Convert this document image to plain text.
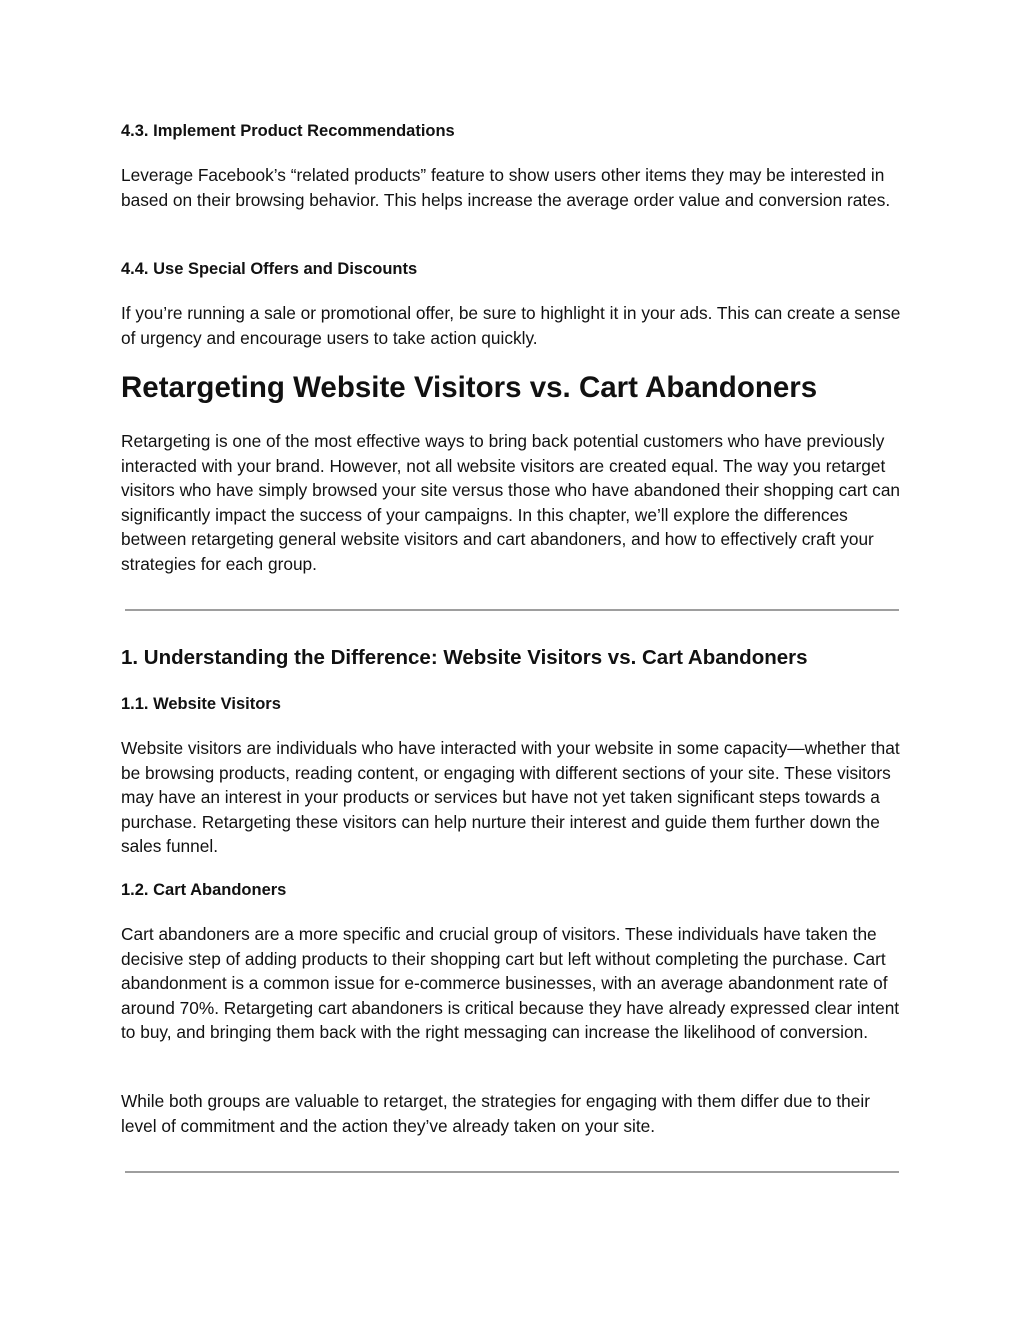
4.3. Implement Product Recommendations

Leverage Facebook’s “related products” feature to show users other items they may be interested in based on their browsing behavior. This helps increase the average order value and conversion rates.

4.4. Use Special Offers and Discounts

If you’re running a sale or promotional offer, be sure to highlight it in your ads. This can create a sense of urgency and encourage users to take action quickly.

Retargeting Website Visitors vs. Cart Abandoners

Retargeting is one of the most effective ways to bring back potential customers who have previously interacted with your brand. However, not all website visitors are created equal. The way you retarget visitors who have simply browsed your site versus those who have abandoned their shopping cart can significantly impact the success of your campaigns. In this chapter, we’ll explore the differences between retargeting general website visitors and cart abandoners, and how to effectively craft your strategies for each group.

1. Understanding the Difference: Website Visitors vs. Cart Abandoners
1.1. Website Visitors

Website visitors are individuals who have interacted with your website in some capacity—whether that be browsing products, reading content, or engaging with different sections of your site. These visitors may have an interest in your products or services but have not yet taken significant steps towards a purchase. Retargeting these visitors can help nurture their interest and guide them further down the sales funnel.

1.2. Cart Abandoners

Cart abandoners are a more specific and crucial group of visitors. These individuals have taken the decisive step of adding products to their shopping cart but left without completing the purchase. Cart abandonment is a common issue for e-commerce businesses, with an average abandonment rate of around 70%. Retargeting cart abandoners is critical because they have already expressed clear intent to buy, and bringing them back with the right messaging can increase the likelihood of conversion.

While both groups are valuable to retarget, the strategies for engaging with them differ due to their level of commitment and the action they’ve already taken on your site.
